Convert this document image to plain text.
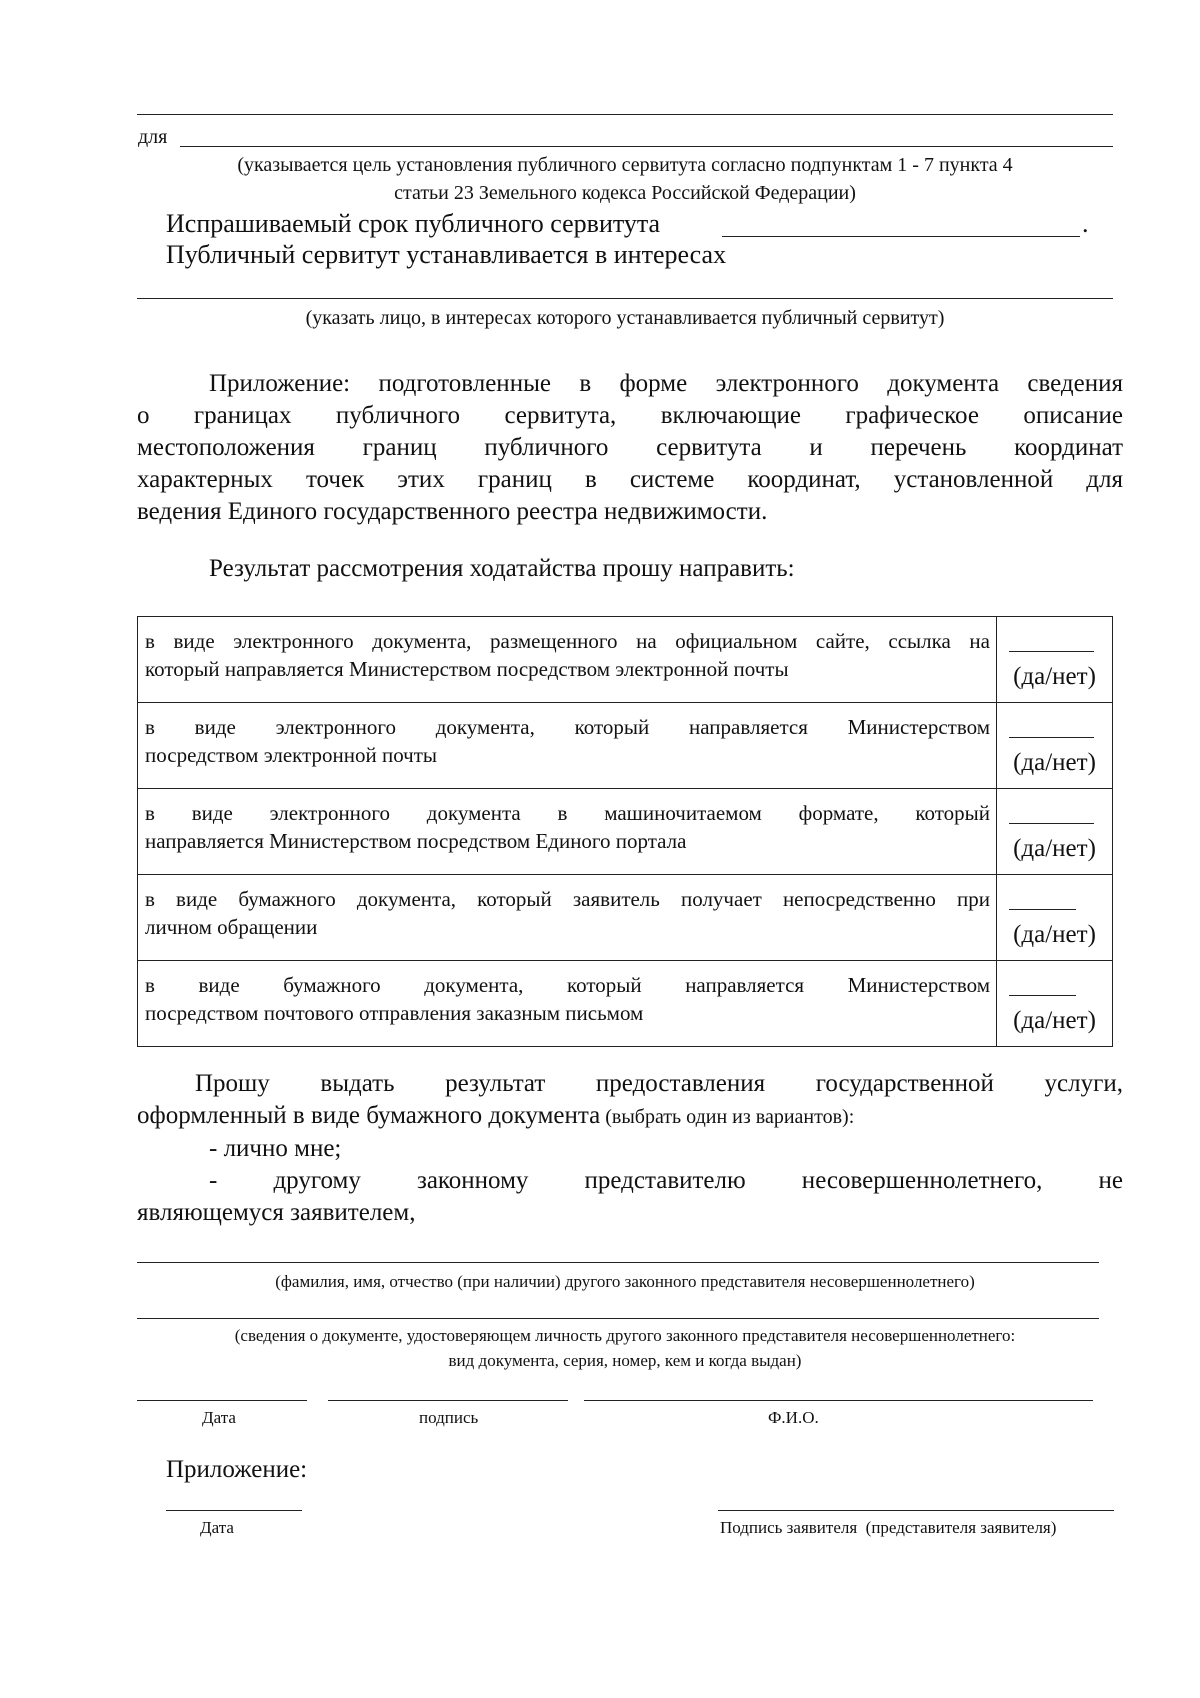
для
(указывается цель установления публичного сервитута согласно подпунктам 1 - 7 пункта 4
статьи 23 Земельного кодекса Российской Федерации)
Испрашиваемый срок публичного сервитута	.
Публичный сервитут устанавливается в интересах
(указать лицо, в интересах которого устанавливается публичный сервитут)
Приложение: подготовленные в форме электронного документа сведения
о границах публичного сервитута, включающие графическое описание
местоположения границ публичного сервитута и перечень координат
характерных точек этих границ в системе координат, установленной для
ведения Единого государственного реестра недвижимости.
Результат рассмотрения ходатайства прошу направить:
в виде электронного документа, размещенного на официальном сайте, ссылка на
который направляется Министерством посредством электронной почты	(да/нет)

в виде электронного документа, который направляется Министерством
посредством электронной почты	(да/нет)

в виде электронного документа в машиночитаемом формате, который
направляется Министерством посредством Единого портала	(да/нет)

в виде бумажного документа, который заявитель получает непосредственно при
личном обращении	(да/нет)

в виде бумажного документа, который направляется Министерством
посредством почтового отправления заказным письмом	(да/нет)
Прошу выдать результат предоставления государственной услуги,
оформленный в виде бумажного документа (выбрать один из вариантов):
- лично мне;
- другому законному представителю несовершеннолетнего, не
являющемуся заявителем,
(фамилия, имя, отчество (при наличии) другого законного представителя несовершеннолетнего)
(сведения о документе, удостоверяющем личность другого законного представителя несовершеннолетнего:
вид документа, серия, номер, кем и когда выдан)
Дата	подпись	Ф.И.О.
Приложение:
Дата	Подпись заявителя  (представителя заявителя)
